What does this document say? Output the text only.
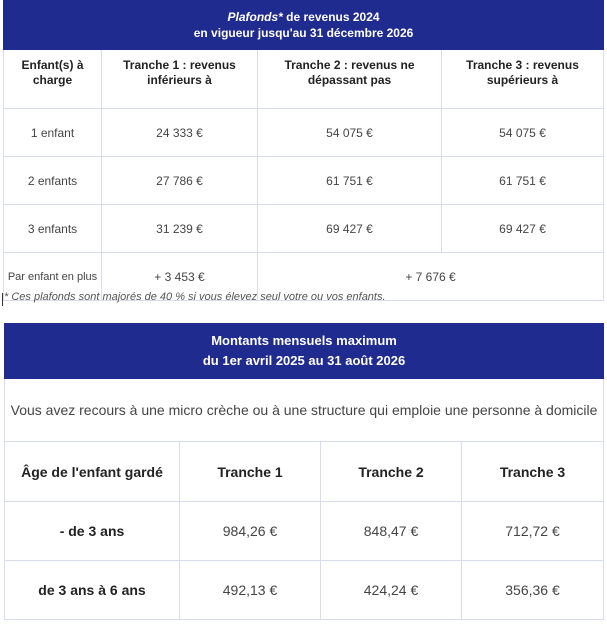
Plafonds* de revenus 2024
en vigueur jusqu'au 31 décembre 2026			
Enfant(s) à charge	Tranche 1 : revenus inférieurs à	Tranche 2 : revenus ne dépassant pas	Tranche 3 : revenus supérieurs à
1 enfant	24 333 €	54 075 €	54 075 €
2 enfants	27 786 €	61 751 €	61 751 €
3 enfants	31 239 €	69 427 €	69 427 €
Par enfant en plus	+ 3 453 €	+ 7 676 €	
* Ces plafonds sont majorés de 40 % si vous élevez seul votre ou vos enfants.
Montants mensuels maximum
du 1er avril 2025 au 31 août 2026			
Vous avez recours à une micro crèche ou à une structure qui emploie une personne à domicile			
Âge de l'enfant gardé	Tranche 1	Tranche 2	Tranche 3
- de 3 ans	984,26 €	848,47 €	712,72 €
de 3 ans à 6 ans	492,13 €	424,24 €	356,36 €
